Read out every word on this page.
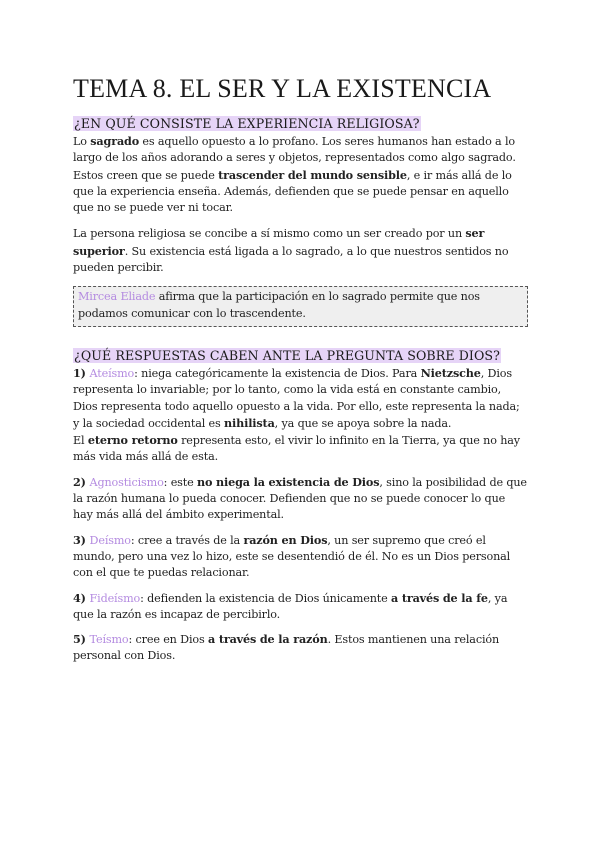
TEMA 8. EL SER Y LA EXISTENCIA
¿EN QUÉ CONSISTE LA EXPERIENCIA RELIGIOSA?

Lo sagrado es aquello opuesto a lo profano. Los seres humanos han estado a lo largo de los años adorando a seres y objetos, representados como algo sagrado. Estos creen que se puede trascender del mundo sensible, e ir más allá de lo que la experiencia enseña. Además, defienden que se puede pensar en aquello que no se puede ver ni tocar.

La persona religiosa se concibe a sí mismo como un ser creado por un ser superior. Su existencia está ligada a lo sagrado, a lo que nuestros sentidos no pueden percibir.

Mircea Eliade afirma que la participación en lo sagrado permite que nos podamos comunicar con lo trascendente.

¿QUÉ RESPUESTAS CABEN ANTE LA PREGUNTA SOBRE DIOS?

1) Ateísmo: niega categóricamente la existencia de Dios. Para Nietzsche, Dios representa lo invariable; por lo tanto, como la vida está en constante cambio, Dios representa todo aquello opuesto a la vida. Por ello, este representa la nada; y la sociedad occidental es nihilista, ya que se apoya sobre la nada.
El eterno retorno representa esto, el vivir lo infinito en la Tierra, ya que no hay más vida más allá de esta.

2) Agnosticismo: este no niega la existencia de Dios, sino la posibilidad de que la razón humana lo pueda conocer. Defienden que no se puede conocer lo que hay más allá del ámbito experimental.

3) Deísmo: cree a través de la razón en Dios, un ser supremo que creó el mundo, pero una vez lo hizo, este se desentendió de él. No es un Dios personal con el que te puedas relacionar.

4) Fideísmo: defienden la existencia de Dios únicamente a través de la fe, ya que la razón es incapaz de percibirlo.

5) Teísmo: cree en Dios a través de la razón. Estos mantienen una relación personal con Dios.
